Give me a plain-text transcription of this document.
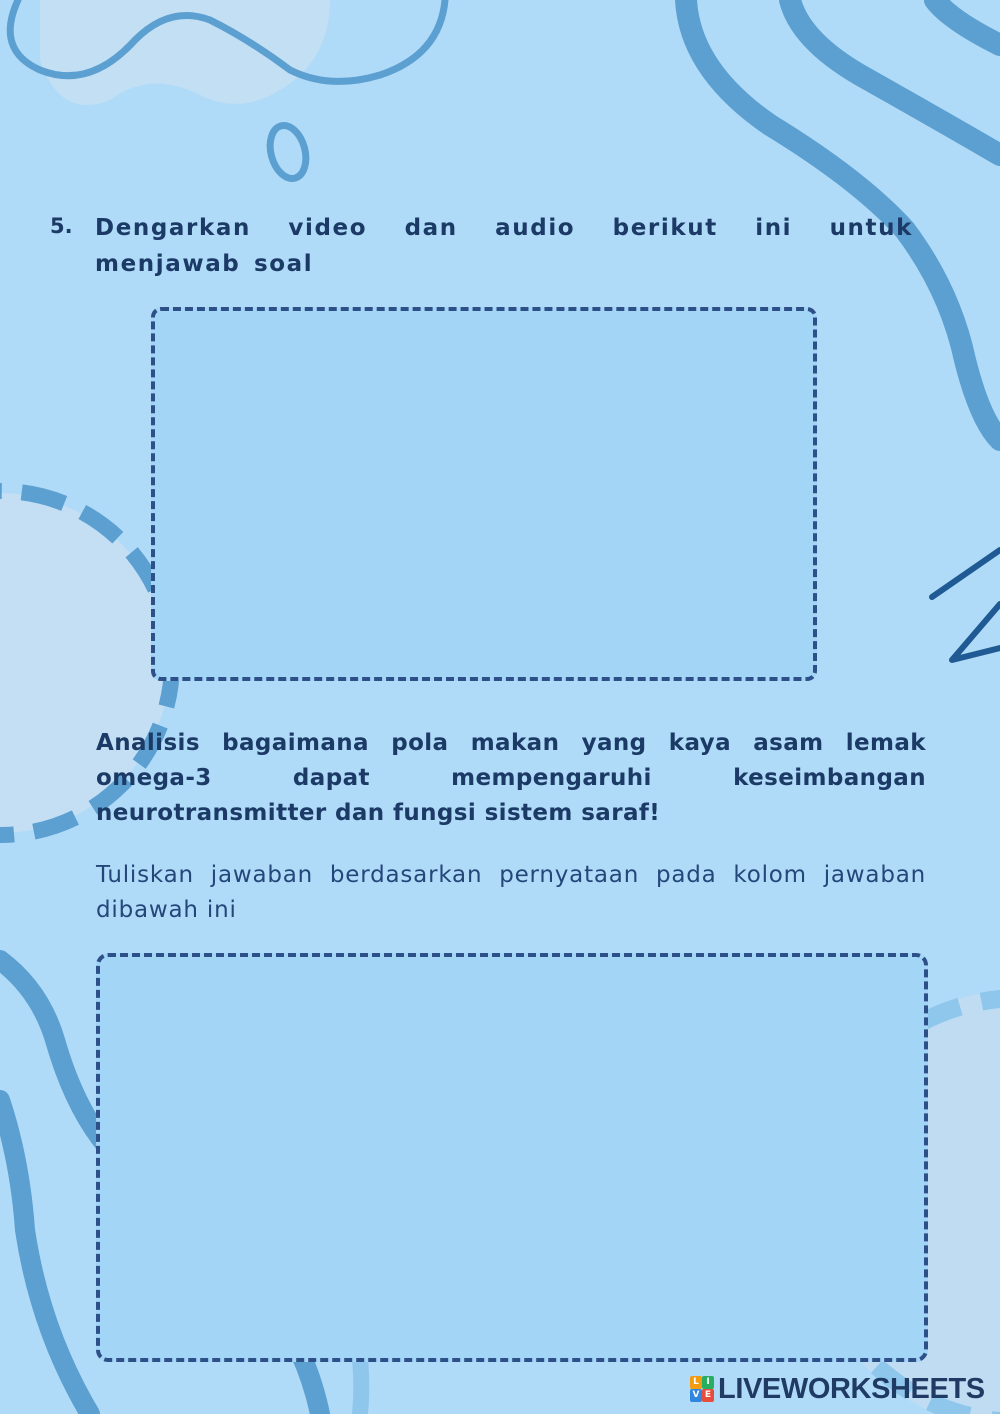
5. Dengarkan video dan audio berikut ini untuk menjawab soal
Analisis bagaimana pola makan yang kaya asam lemak omega-3 dapat mempengaruhi keseimbangan neurotransmitter dan fungsi sistem saraf!
Tuliskan jawaban berdasarkan pernyataan pada kolom jawaban dibawah ini
L I
V E LIVEWORKSHEETS
